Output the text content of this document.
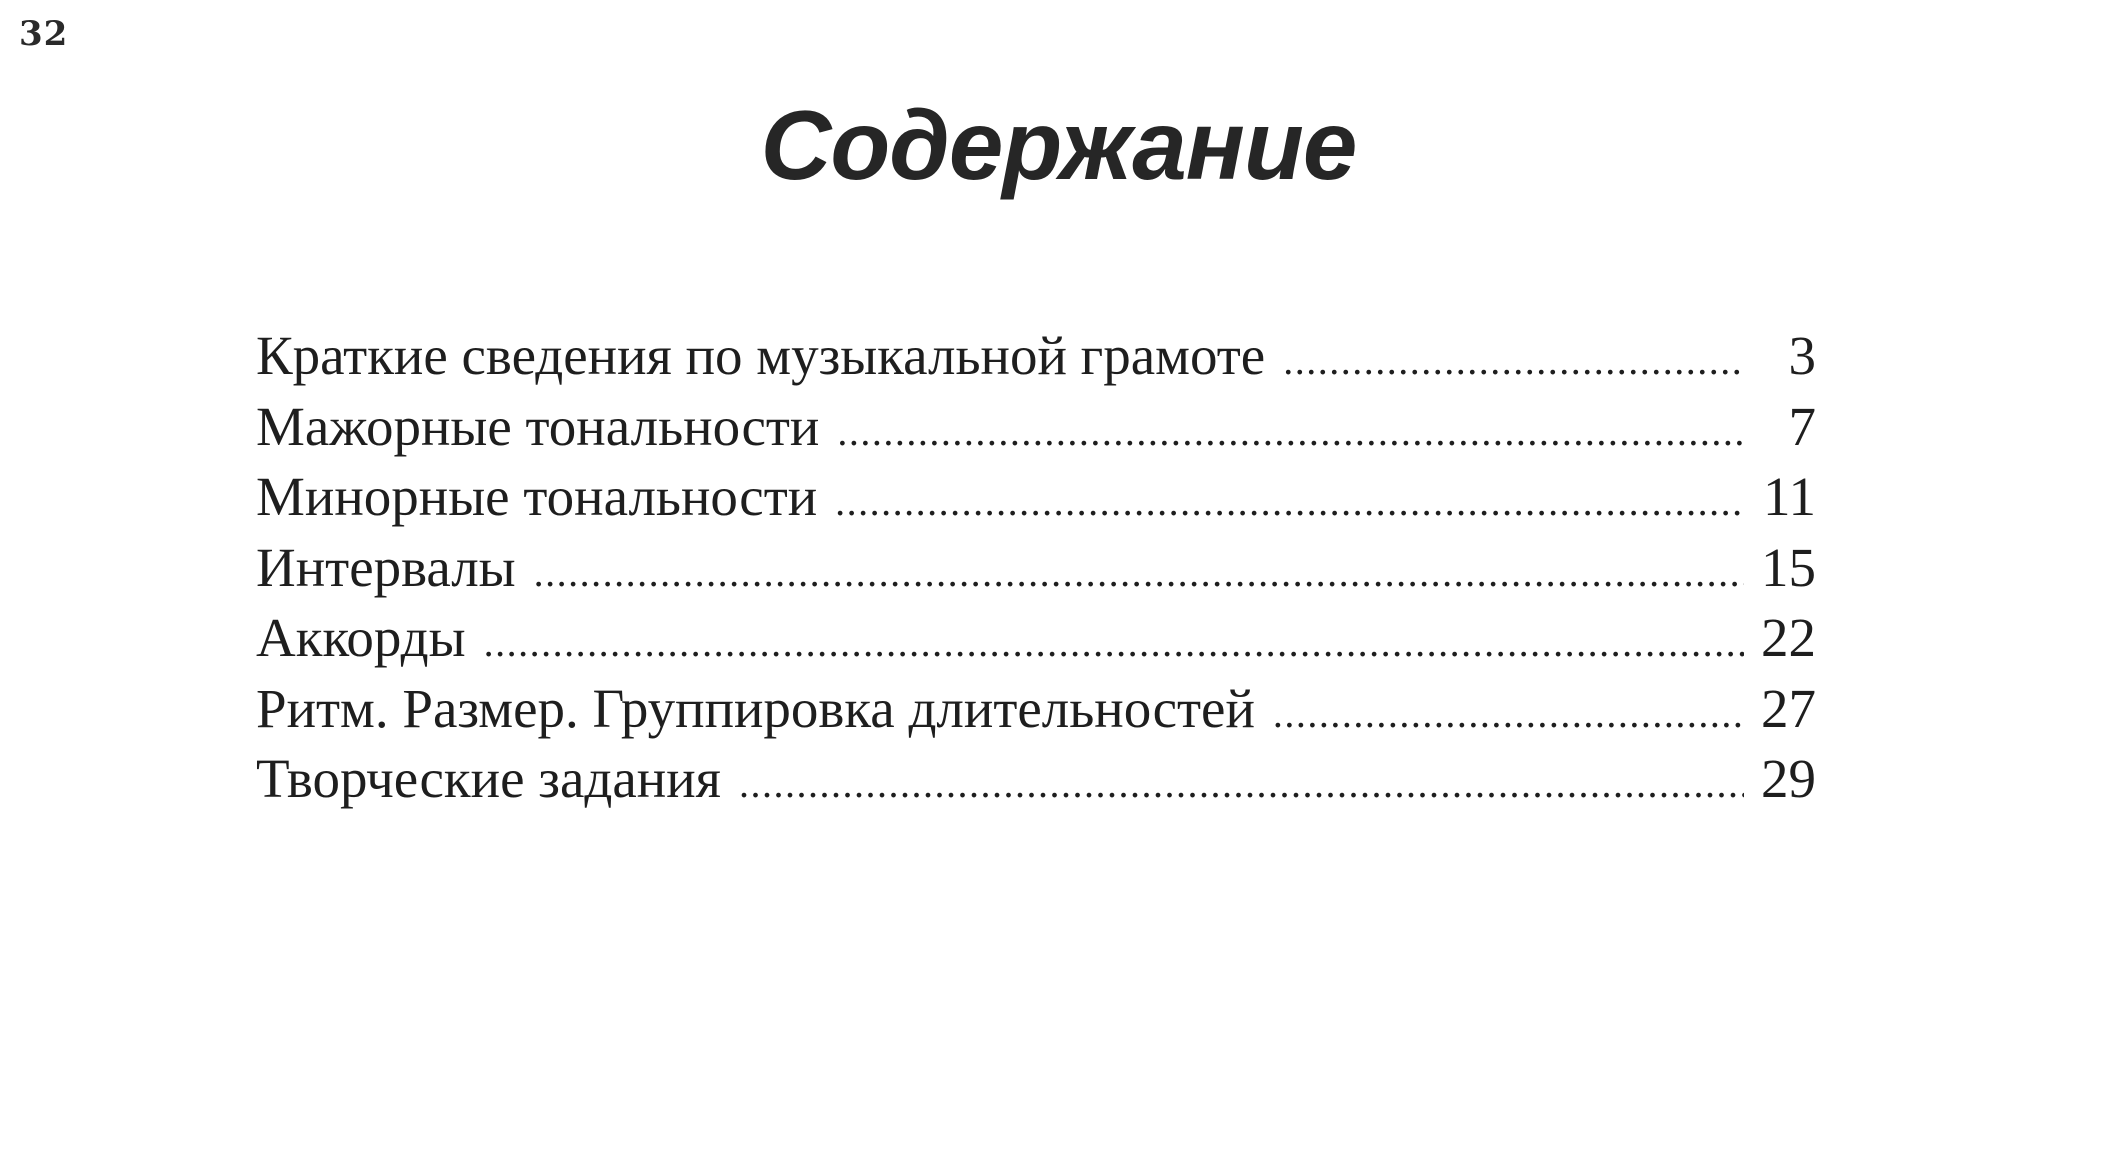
32
Содержание
Краткие сведения по музыкальной грамоте .....	3
Мажорные тональности .....	7
Минорные тональности .....	11
Интервалы .....	15
Аккорды .....	22
Ритм. Размер. Группировка длительностей .....	27
Творческие задания .....	29
